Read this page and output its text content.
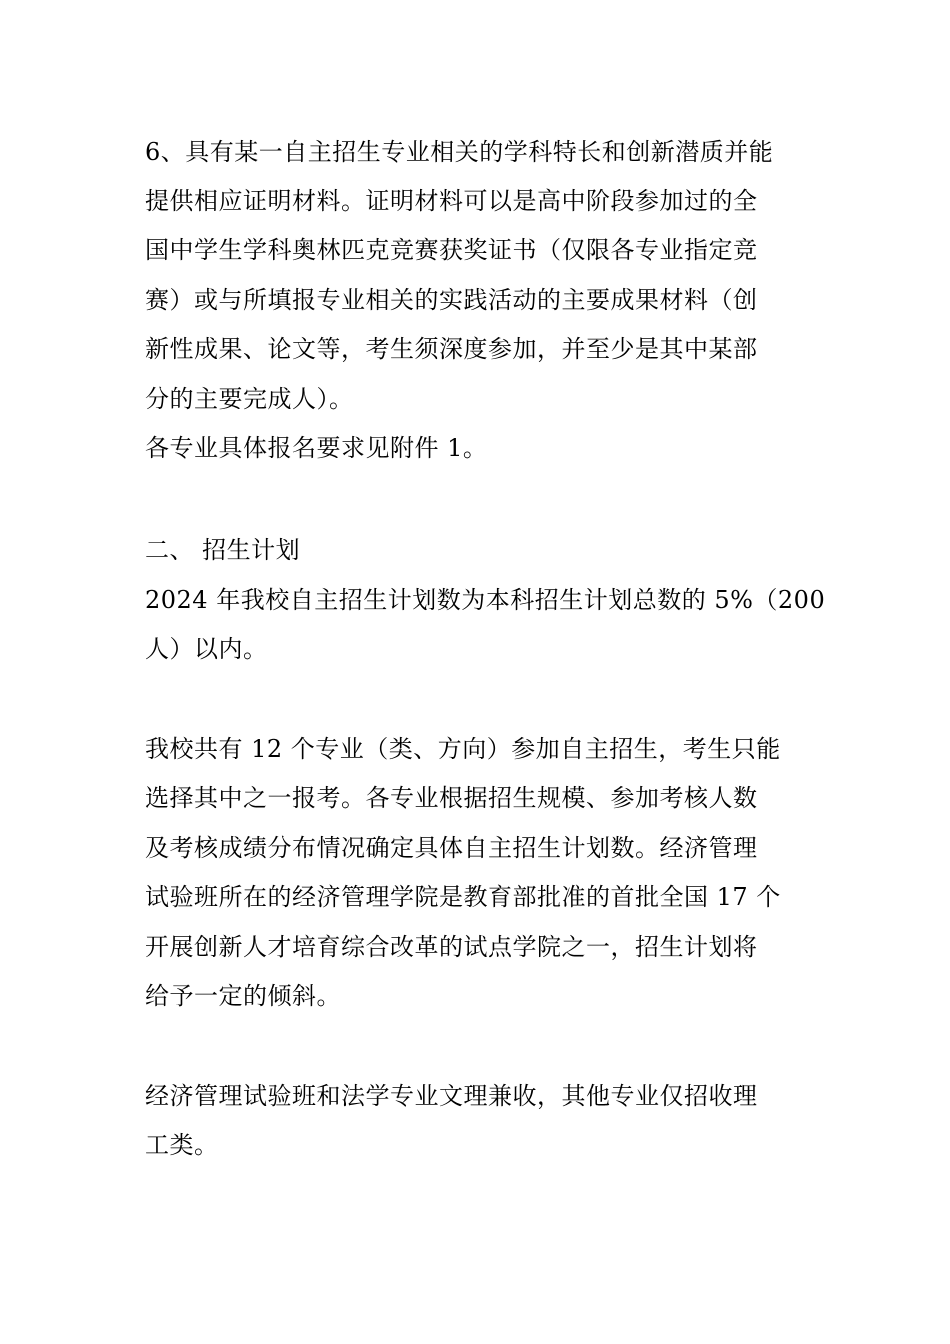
6、具有某一自主招生专业相关的学科特长和创新潜质并能
提供相应证明材料。证明材料可以是高中阶段参加过的全
国中学生学科奥林匹克竞赛获奖证书（仅限各专业指定竞
赛）或与所填报专业相关的实践活动的主要成果材料（创
新性成果、论文等，考生须深度参加，并至少是其中某部
分的主要完成人）。
各专业具体报名要求见附件 1。
二、 招生计划
2024 年我校自主招生计划数为本科招生计划总数的 5%（200
人）以内。
我校共有 12 个专业（类、方向）参加自主招生，考生只能
选择其中之一报考。各专业根据招生规模、参加考核人数
及考核成绩分布情况确定具体自主招生计划数。经济管理
试验班所在的经济管理学院是教育部批准的首批全国 17 个
开展创新人才培育综合改革的试点学院之一，招生计划将
给予一定的倾斜。
经济管理试验班和法学专业文理兼收，其他专业仅招收理
工类。
